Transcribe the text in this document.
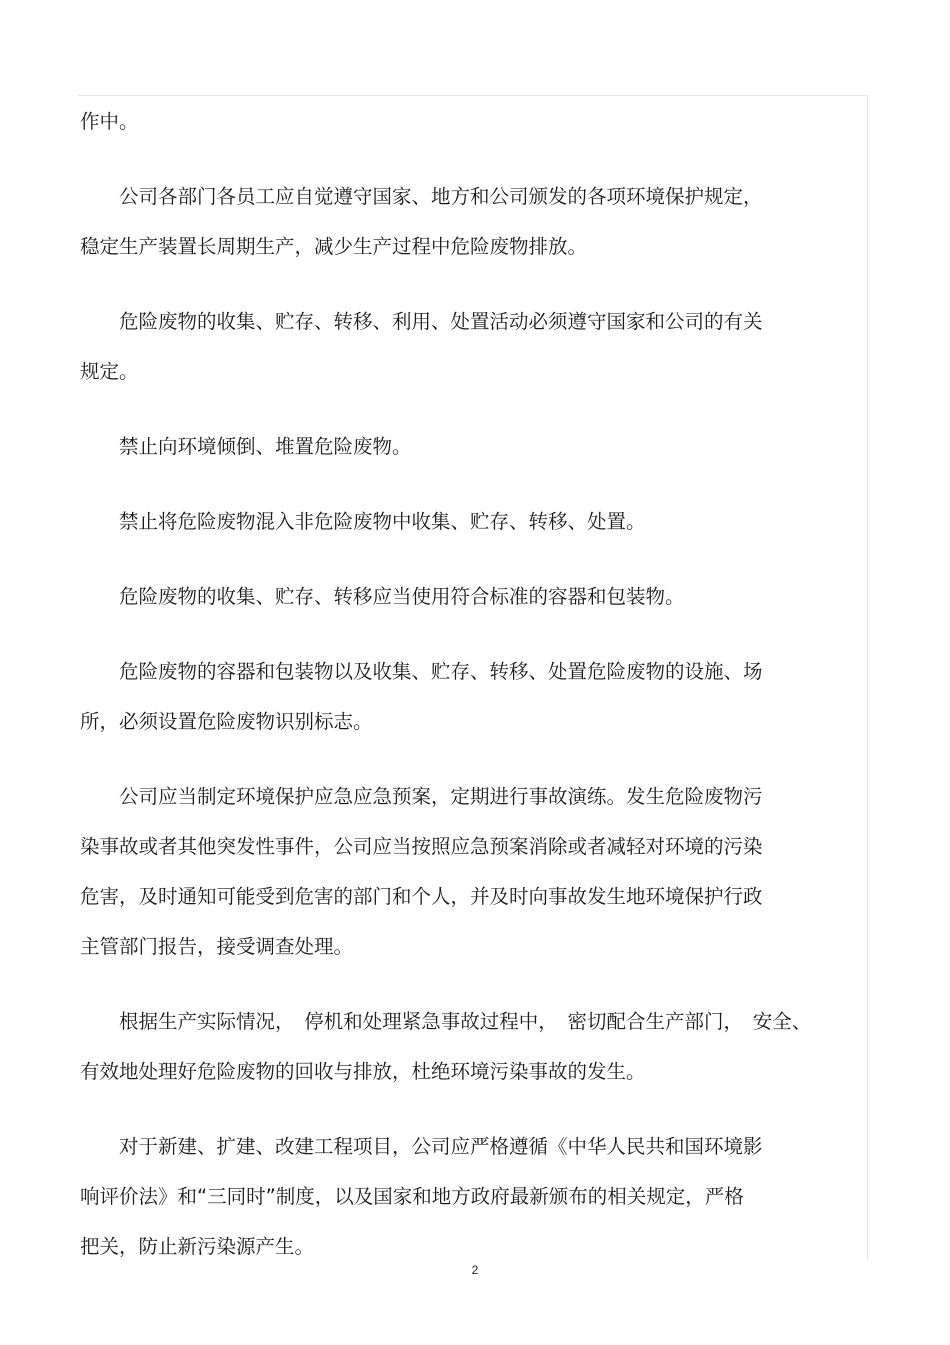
作中。

　　公司各部门各员工应自觉遵守国家、地方和公司颁发的各项环境保护规定，
稳定生产装置长周期生产，减少生产过程中危险废物排放。

　　危险废物的收集、贮存、转移、利用、处置活动必须遵守国家和公司的有关
规定。

　　禁止向环境倾倒、堆置危险废物。

　　禁止将危险废物混入非危险废物中收集、贮存、转移、处置。

　　危险废物的收集、贮存、转移应当使用符合标准的容器和包装物。

　　危险废物的容器和包装物以及收集、贮存、转移、处置危险废物的设施、场
所，必须设置危险废物识别标志。

　　公司应当制定环境保护应急应急预案，定期进行事故演练。发生危险废物污
染事故或者其他突发性事件，公司应当按照应急预案消除或者减轻对环境的污染
危害，及时通知可能受到危害的部门和个人，并及时向事故发生地环境保护行政
主管部门报告，接受调查处理。

　　根据生产实际情况，　停机和处理紧急事故过程中，　密切配合生产部门，　安全、
有效地处理好危险废物的回收与排放，杜绝环境污染事故的发生。

　　对于新建、扩建、改建工程项目，公司应严格遵循《中华人民共和国环境影
响评价法》和“三同时”制度，以及国家和地方政府最新颁布的相关规定，严格
把关，防止新污染源产生。

2
